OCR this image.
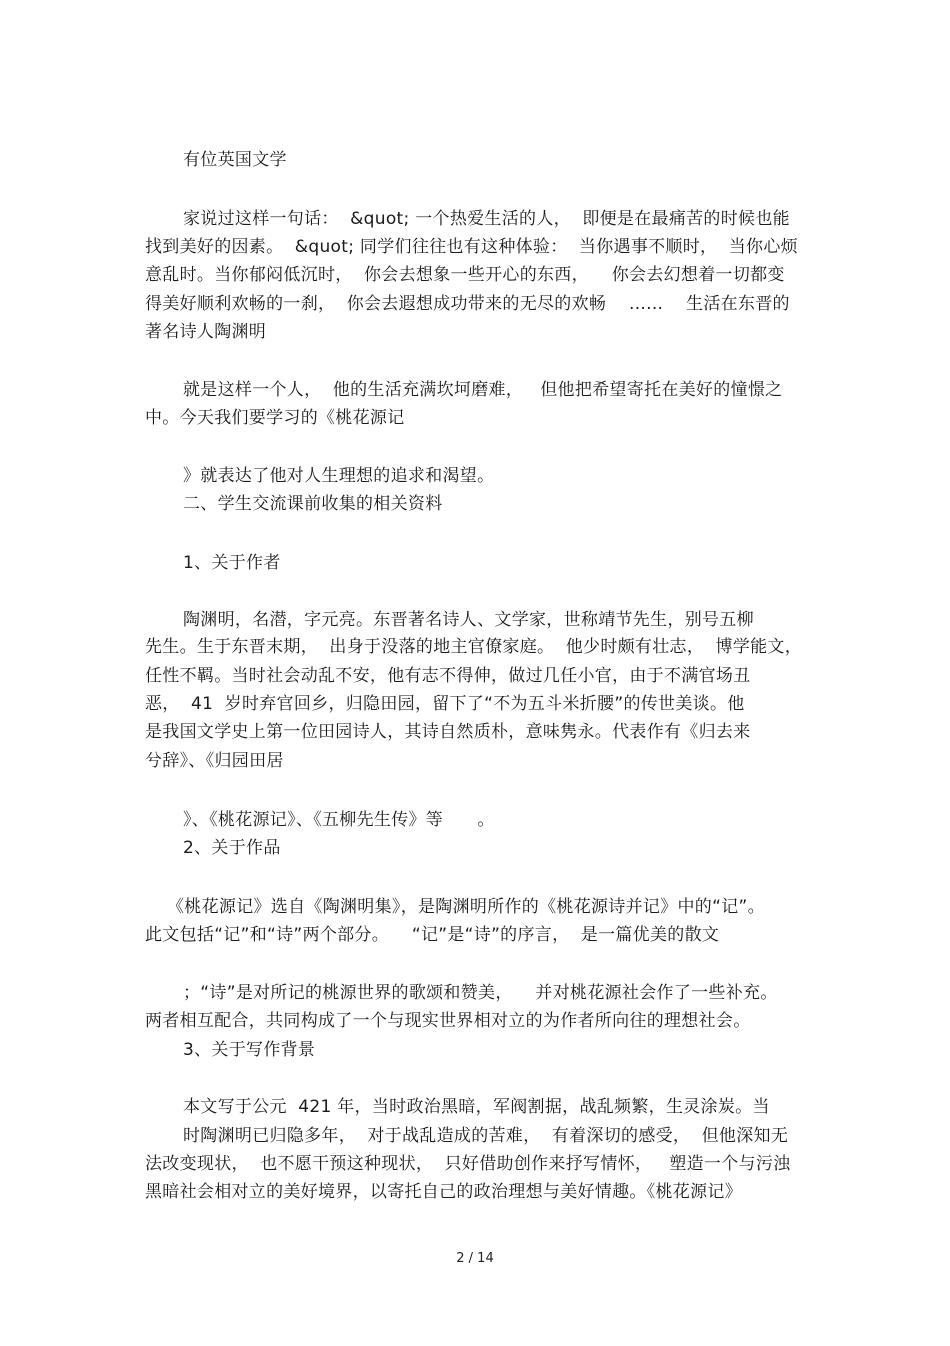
有位英国文学
家说过这样一句话：  &quot; 一个热爱生活的人，  即便是在最痛苦的时候也能
找到美好的因素。  &quot; 同学们往往也有这种体验：  当你遇事不顺时，  当你心烦
意乱时。当你郁闷低沉时，  你会去想象一些开心的东西，    你会去幻想着一切都变
得美好顺利欢畅的一刹，  你会去遐想成功带来的无尽的欢畅    ......    生活在东晋的
著名诗人陶渊明
就是这样一个人，  他的生活充满坎坷磨难，   但他把希望寄托在美好的憧憬之
中。今天我们要学习的《桃花源记
》就表达了他对人生理想的追求和渴望。
二、学生交流课前收集的相关资料
1、关于作者
陶渊明，名潜，字元亮。东晋著名诗人、文学家，世称靖节先生，别号五柳
先生。生于东晋末期，  出身于没落的地主官僚家庭。  他少时颇有壮志，  博学能文，
任性不羁。当时社会动乱不安，他有志不得伸，做过几任小官，由于不满官场丑
恶，  41  岁时弃官回乡，归隐田园，留下了“不为五斗米折腰”的传世美谈。他
是我国文学史上第一位田园诗人，其诗自然质朴，意味隽永。代表作有《归去来
兮辞》、《归园田居
》、《桃花源记》、《五柳先生传》等      。
2、关于作品
《桃花源记》选自《陶渊明集》，是陶渊明所作的《桃花源诗并记》中的“记”。
此文包括“记”和“诗”两个部分。    “记”是“诗”的序言，  是一篇优美的散文
；“诗”是对所记的桃源世界的歌颂和赞美，    并对桃花源社会作了一些补充。
两者相互配合，共同构成了一个与现实世界相对立的为作者所向往的理想社会。
3、关于写作背景
本文写于公元  421 年，当时政治黑暗，军阀割据，战乱频繁，生灵涂炭。当
时陶渊明已归隐多年，  对于战乱造成的苦难，  有着深切的感受，  但他深知无
法改变现状，  也不愿干预这种现状，  只好借助创作来抒写情怀，   塑造一个与污浊
黑暗社会相对立的美好境界，以寄托自己的政治理想与美好情趣。《桃花源记》
2 / 14
